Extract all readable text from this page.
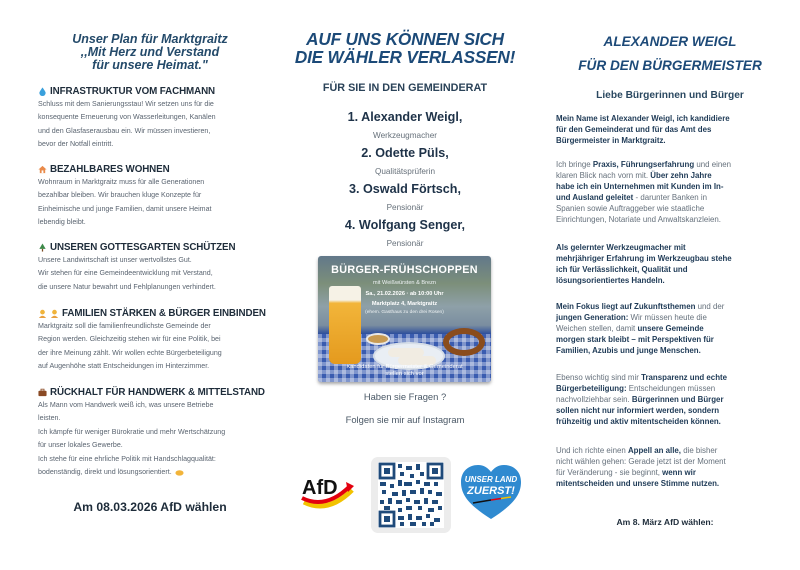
Unser Plan für Marktgraitz
,,Mit Herz und Verstand
für unsere Heimat."
INFRASTRUKTUR VOM FACHMANN

Schluss mit dem Sanierungsstau! Wir setzen uns für die

konsequente Erneuerung von Wasserleitungen, Kanälen

und den Glasfaserausbau ein. Wir müssen investieren,

bevor der Notfall eintritt.

BEZAHLBARES WOHNEN

Wohnraum in Marktgraitz muss für alle Generationen

bezahlbar bleiben. Wir brauchen kluge Konzepte für

Einheimische und junge Familien, damit unsere Heimat

lebendig bleibt.

UNSEREN GOTTESGARTEN SCHÜTZEN

Unsere Landwirtschaft ist unser wertvollstes Gut.

Wir stehen für eine Gemeindeentwicklung mit Verstand,

die unsere Natur bewahrt und Fehlplanungen verhindert.

FAMILIEN STÄRKEN & BÜRGER EINBINDEN

Marktgraitz soll die familienfreundlichste Gemeinde der

Region werden. Gleichzeitig stehen wir für eine Politik, bei

der ihre Meinung zählt. Wir wollen echte Bürgerbeteiligung

auf Augenhöhe statt Entscheidungen im Hinterzimmer.

RÜCKHALT FÜR HANDWERK & MITTELSTAND

Als Mann vom Handwerk weiß ich, was unsere Betriebe

leisten.

Ich kämpfe für weniger Bürokratie und mehr Wertschätzung

für unser lokales Gewerbe.

Ich stehe für eine ehrliche Politik mit Handschlagqualität:

bodenständig, direkt und lösungsorientiert.

Am 08.03.2026 AfD wählen
AUF UNS KÖNNEN SICH
DIE WÄHLER VERLASSEN!
FÜR SIE IN DEN GEMEINDERAT
1. Alexander Weigl,
Werkzeugmacher
2. Odette Püls,
Qualitätsprüferin
3. Oswald Förtsch,
Pensionär
4. Wolfgang Senger,
Pensionär
Haben sie Fragen ?
Folgen sie mir auf Instagram
BÜRGER-FRÜHSCHOPPEN
mit Weißwürsten & Brezn
Sa., 21.02.2026 · ab 10:00 Uhr
Marktplatz 4, Marktgraitz
(ehem. Gasthaus zu den drei Rosen)
Kandidaten für Bürgermeister & Gemeinderat
stellen sich vor
AfD	UNSER LAND
ZUERST!
ALEXANDER WEIGL
FÜR DEN BÜRGERMEISTER
Liebe Bürgerinnen und Bürger

Mein Name ist Alexander Weigl, ich kandidiere

für den Gemeinderat und für das Amt des

Bürgermeister in Marktgraitz.

Ich bringe Praxis, Führungserfahrung und einen

klaren Blick nach vorn mit. Über zehn Jahre

habe ich ein Unternehmen mit Kunden im In-

und Ausland geleitet - darunter Banken in

Spanien sowie Auftraggeber wie staatliche

Einrichtungen, Notariate und Anwaltskanzleien.

Als gelernter Werkzeugmacher mit

mehrjähriger Erfahrung im Werkzeugbau stehe

ich für Verlässlichkeit, Qualität und

lösungsorientiertes Handeln.

Mein Fokus liegt auf Zukunftsthemen und der

jungen Generation: Wir müssen heute die

Weichen stellen, damit unsere Gemeinde

morgen stark bleibt – mit Perspektiven für

Familien, Azubis und junge Menschen.

Ebenso wichtig sind mir Transparenz und echte

Bürgerbeteiligung: Entscheidungen müssen

nachvollziehbar sein. Bürgerinnen und Bürger

sollen nicht nur informiert werden, sondern

frühzeitig und aktiv mitentscheiden können.

Und ich richte einen Appell an alle, die bisher

nicht wählen gehen: Gerade jetzt ist der Moment

für Veränderung - sie beginnt, wenn wir

mitentscheiden und unsere Stimme nutzen.

Am 8. März AfD wählen:
